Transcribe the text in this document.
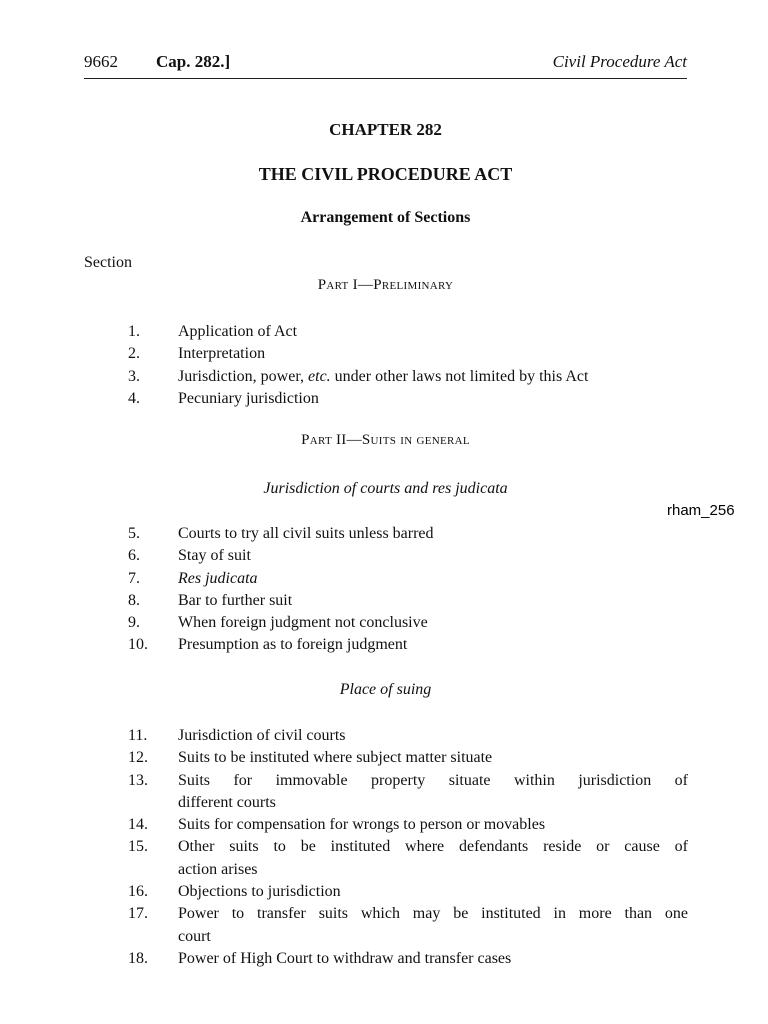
9662 Cap. 282.]	Civil Procedure Act
CHAPTER 282
THE CIVIL PROCEDURE ACT
Arrangement of Sections
Section
Part I—Preliminary
1.	Application of Act
2.	Interpretation
3.	Jurisdiction, power, etc. under other laws not limited by this Act
4.	Pecuniary jurisdiction
Part II—Suits in general
Jurisdiction of courts and res judicata
rham_256
5.	Courts to try all civil suits unless barred
6.	Stay of suit
7.	Res judicata
8.	Bar to further suit
9.	When foreign judgment not conclusive
10.	Presumption as to foreign judgment
Place of suing
11.	Jurisdiction of civil courts
12.	Suits to be instituted where subject matter situate
13.	Suits for immovable property situate within jurisdiction of
different courts
14.	Suits for compensation for wrongs to person or movables
15.	Other suits to be instituted where defendants reside or cause of
action arises
16.	Objections to jurisdiction
17.	Power to transfer suits which may be instituted in more than one
court
18.	Power of High Court to withdraw and transfer cases
